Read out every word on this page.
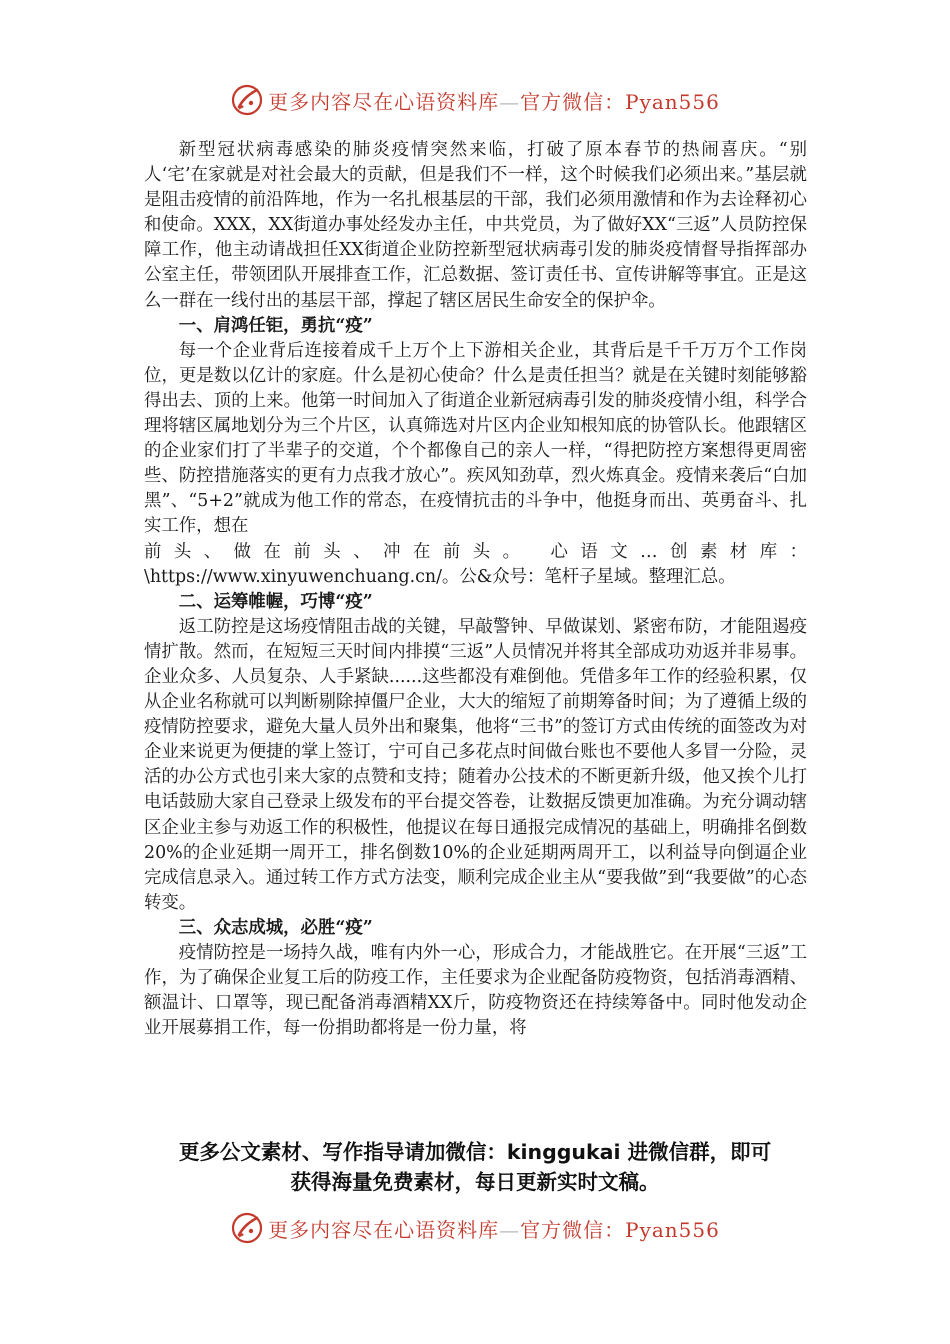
更多内容尽在心语资料库—官方微信：Pyan556

新型冠状病毒感染的肺炎疫情突然来临，打破了原本春节的热闹喜庆。“别人‘宅’在家就是对社会最大的贡献，但是我们不一样，这个时候我们必须出来。”基层就是阻击疫情的前沿阵地，作为一名扎根基层的干部，我们必须用激情和作为去诠释初心和使命。XXX，XX街道办事处经发办主任，中共党员，为了做好XX“三返”人员防控保障工作，他主动请战担任XX街道企业防控新型冠状病毒引发的肺炎疫情督导指挥部办公室主任，带领团队开展排查工作，汇总数据、签订责任书、宣传讲解等事宜。正是这么一群在一线付出的基层干部，撑起了辖区居民生命安全的保护伞。

一、肩鸿任钜，勇抗“疫”

每一个企业背后连接着成千上万个上下游相关企业，其背后是千千万万个工作岗位，更是数以亿计的家庭。什么是初心使命？什么是责任担当？就是在关键时刻能够豁得出去、顶的上来。他第一时间加入了街道企业新冠病毒引发的肺炎疫情小组，科学合理将辖区属地划分为三个片区，认真筛选对片区内企业知根知底的协管队长。他跟辖区的企业家们打了半辈子的交道，个个都像自己的亲人一样，“得把防控方案想得更周密些、防控措施落实的更有力点我才放心”。疾风知劲草，烈火炼真金。疫情来袭后“白加黑”、“5+2”就成为他工作的常态，在疫情抗击的斗争中，他挺身而出、英勇奋斗、扎实工作，想在

前头、做在前头、冲在前头。 心语文…创素材库：

\https://www.xinyuwenchuang.cn/。公&众号：笔杆子星域。整理汇总。

二、运筹帷幄，巧博“疫”

返工防控是这场疫情阻击战的关键，早敲警钟、早做谋划、紧密布防，才能阻遏疫情扩散。然而，在短短三天时间内排摸“三返”人员情况并将其全部成功劝返并非易事。企业众多、人员复杂、人手紧缺......这些都没有难倒他。凭借多年工作的经验积累，仅从企业名称就可以判断剔除掉僵尸企业，大大的缩短了前期筹备时间；为了遵循上级的疫情防控要求，避免大量人员外出和聚集，他将“三书”的签订方式由传统的面签改为对企业来说更为便捷的掌上签订，宁可自己多花点时间做台账也不要他人多冒一分险，灵活的办公方式也引来大家的点赞和支持；随着办公技术的不断更新升级，他又挨个儿打电话鼓励大家自己登录上级发布的平台提交答卷，让数据反馈更加准确。为充分调动辖区企业主参与劝返工作的积极性，他提议在每日通报完成情况的基础上，明确排名倒数20%的企业延期一周开工，排名倒数10%的企业延期两周开工，以利益导向倒逼企业完成信息录入。通过转工作方式方法变，顺利完成企业主从“要我做”到“我要做”的心态转变。

三、众志成城，必胜“疫”

疫情防控是一场持久战，唯有内外一心，形成合力，才能战胜它。在开展“三返”工作，为了确保企业复工后的防疫工作，主任要求为企业配备防疫物资，包括消毒酒精、额温计、口罩等，现已配备消毒酒精XX斤，防疫物资还在持续筹备中。同时他发动企业开展募捐工作，每一份捐助都将是一份力量，将

更多公文素材、写作指导请加微信：kinggukai 进微信群，即可
获得海量免费素材，每日更新实时文稿。
更多内容尽在心语资料库—官方微信：Pyan556
